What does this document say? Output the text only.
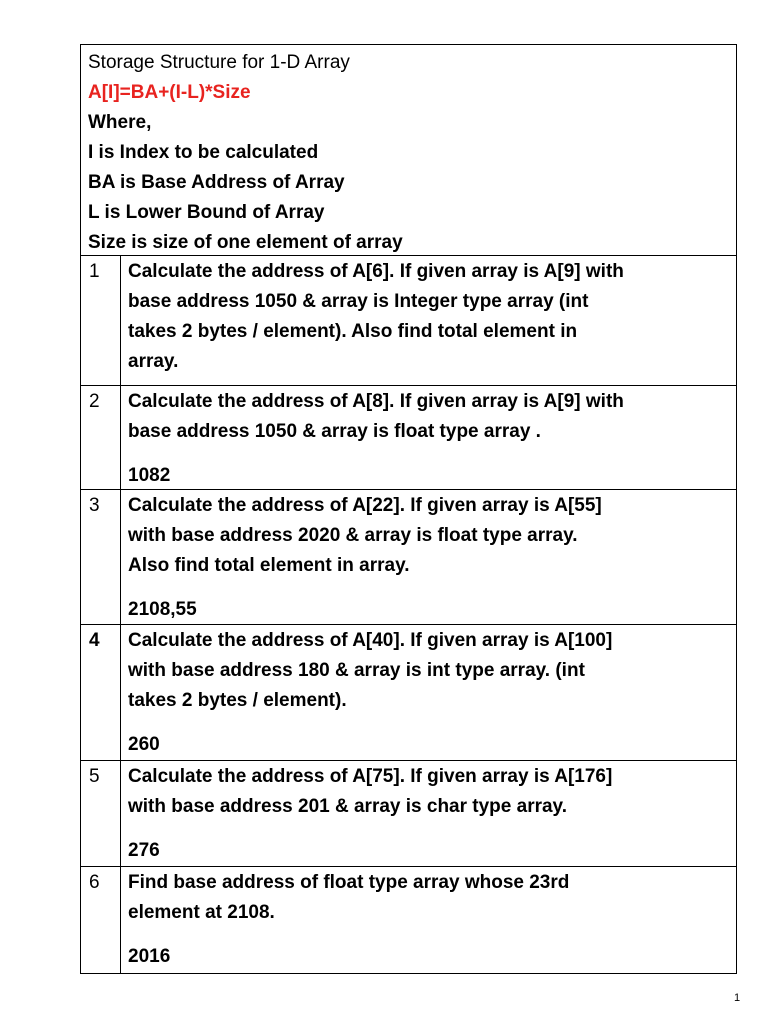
Storage Structure for 1-D Array
A[I]=BA+(I-L)*Size
Where,
I is Index to be calculated
BA is Base Address of Array
L is Lower Bound of Array
Size is size of one element of array
1	Calculate the address of A[6]. If given array is A[9] with
base address 1050 & array is Integer type array (int
takes 2 bytes / element). Also find total element in
array.
2	Calculate the address of A[8]. If given array is A[9] with
base address 1050 & array is float type array .
1082
3	Calculate the address of A[22]. If given array is A[55]
with base address 2020 & array is float type array.
Also find total element in array.
2108,55
4	Calculate the address of A[40]. If given array is A[100]
with base address 180 & array is int type array. (int
takes 2 bytes / element).
260
5	Calculate the address of A[75]. If given array is A[176]
with base address 201 & array is char type array.
276
6	Find base address of float type array whose 23rd
element at 2108.
2016
1
